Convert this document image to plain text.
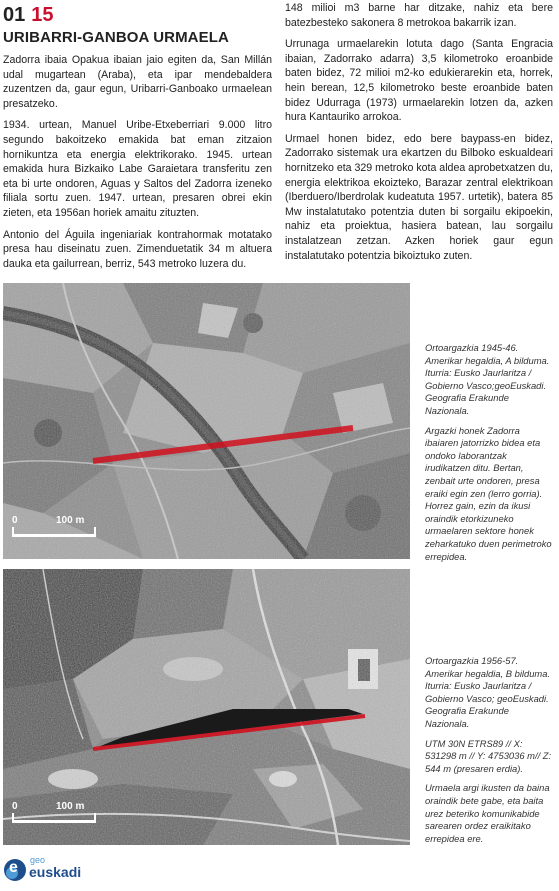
01 15
URIBARRI-GANBOA URMAELA

Zadorra ibaia Opakua ibaian jaio egiten da, San Millán udal mugartean (Araba), eta ipar mendebaldera zuzentzen da, gaur egun, Uribarri-Ganboako urmaelean presatzeko.

1934. urtean, Manuel Uribe-Etxeberriari 9.000 litro segundo bakoitzeko emakida bat eman zitzaion hornikuntza eta energia elektrikorako. 1945. urtean emakida hura Bizkaiko Labe Garaietara transferitu zen eta bi urte ondoren, Aguas y Saltos del Zadorra izeneko filiala sortu zuen. 1947. urtean, presaren obrei ekin zieten, eta 1956an horiek amaitu zituzten.

Antonio del Águila ingeniariak kontrahormak motatako presa hau diseinatu zuen. Zimenduetatik 34 m altuera dauka eta gailurrean, berriz, 543 metroko luzera du.

148 milioi m3 barne har ditzake, nahiz eta bere batezbesteko sakonera 8 metrokoa bakarrik izan.

Urrunaga urmaelarekin lotuta dago (Santa Engracia ibaian, Zadorrako adarra) 3,5 kilometroko eroanbide baten bidez, 72 milioi m2-ko edukierarekin eta, horrek, hein berean, 12,5 kilometroko beste eroanbide baten bidez Udurraga (1973) urmaelarekin lotzen da, azken hura Kantauriko arrokoa.

Urmael honen bidez, edo bere baypass-en bidez, Zadorrako sistemak ura ekartzen du Bilboko eskualdeari hornitzeko eta 329 metroko kota aldea aprobetxatzen du, energia elektrikoa ekoizteko, Barazar zentral elektrikoan (Iberduero/Iberdrolak kudeatuta 1957. urtetik), batera 85 Mw instalatutako potentzia duten bi sorgailu ekipoekin, nahiz eta proiektua, hasiera batean, lau sorgailu instalatzean zetzan. Azken horiek gaur egun instalatutako potentzia bikoiztuko zuten.

0	100 m

Ortoargazkia 1945-46. Amerikar hegaldia, A bilduma. Iturria: Eusko Jaurlaritza / Gobierno Vasco;geoEuskadi. Geografia Erakunde Nazionala.

Argazki honek Zadorra ibaiaren jatorrizko bidea eta ondoko laborantzak irudikatzen ditu. Bertan, zenbait urte ondoren, presa eraiki egin zen (lerro gorria). Horrez gain, ezin da ikusi oraindik etorkizuneko urmaelaren sektore honek zeharkatuko duen perimetroko errepidea.

0	100 m

Ortoargazkia 1956-57. Amerikar hegaldia, B bilduma. Iturria: Eusko Jaurlaritza / Gobierno Vasco; geoEuskadi. Geografia Erakunde Nazionala.

UTM 30N ETRS89 // X: 531298 m // Y: 4753036 m// Z: 544 m (presaren erdia).

Urmaela argi ikusten da baina oraindik bete gabe, eta baita urez beteriko komunikabide sarearen ordez eraikitako errepidea ere.

e geo
euskadi
